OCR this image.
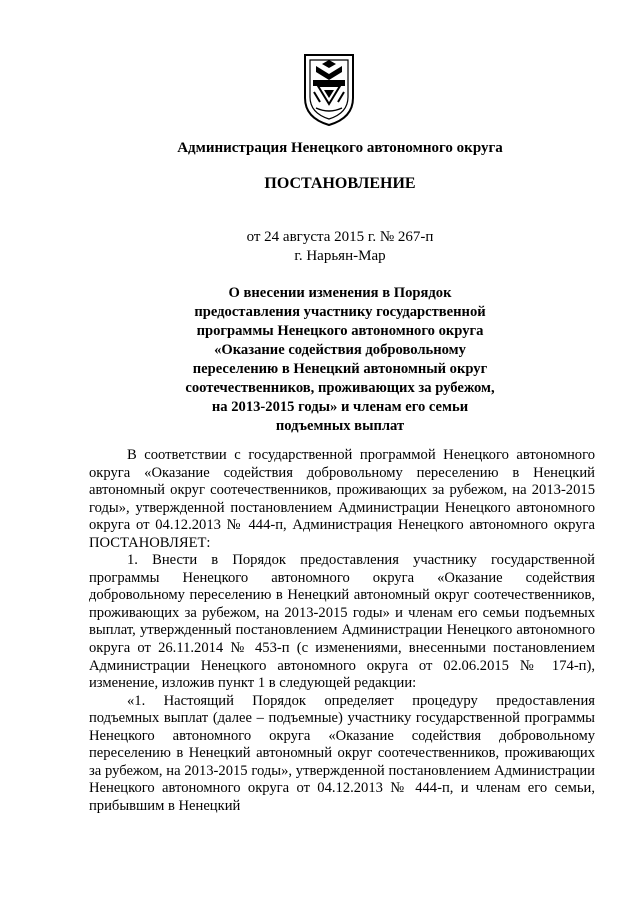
Администрация Ненецкого автономного округа
ПОСТАНОВЛЕНИЕ
от 24 августа 2015 г. № 267-п
г. Нарьян-Мар
О внесении изменения в Порядок
предоставления участнику государственной
программы Ненецкого автономного округа
«Оказание содействия добровольному
переселению в Ненецкий автономный округ
соотечественников, проживающих за рубежом,
на 2013-2015 годы» и членам его семьи
подъемных выплат

В соответствии с государственной программой Ненецкого автономного округа «Оказание содействия добровольному переселению в Ненецкий автономный округ соотечественников, проживающих за рубежом, на 2013-2015 годы», утвержденной постановлением Администрации Ненецкого автономного округа от 04.12.2013 № 444-п, Администрация Ненецкого автономного округа ПОСТАНОВЛЯЕТ:

1. Внести в Порядок предоставления участнику государственной программы Ненецкого автономного округа «Оказание содействия добровольному переселению в Ненецкий автономный округ соотечественников, проживающих за рубежом, на 2013-2015 годы» и членам его семьи подъемных выплат, утвержденный постановлением Администрации Ненецкого автономного округа от 26.11.2014 № 453-п (с изменениями, внесенными постановлением Администрации Ненецкого автономного округа от 02.06.2015 № 174-п), изменение, изложив пункт 1 в следующей редакции:

«1. Настоящий Порядок определяет процедуру предоставления подъемных выплат (далее – подъемные) участнику государственной программы Ненецкого автономного округа «Оказание содействия добровольному переселению в Ненецкий автономный округ соотечественников, проживающих за рубежом, на 2013-2015 годы», утвержденной постановлением Администрации Ненецкого автономного округа от 04.12.2013 № 444-п, и членам его семьи, прибывшим в Ненецкий
